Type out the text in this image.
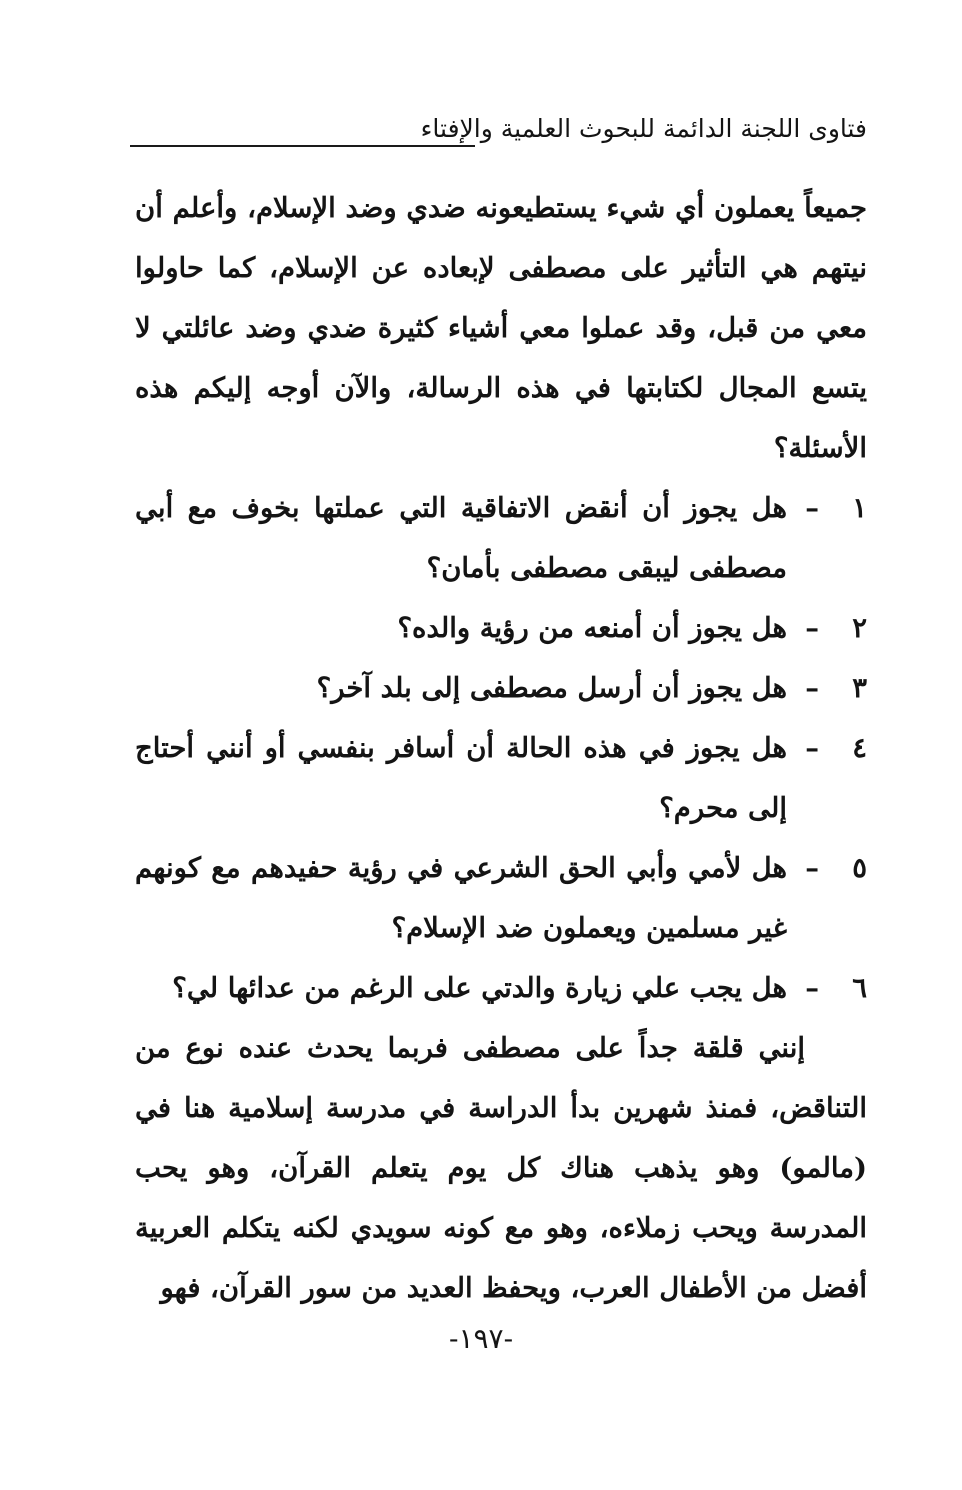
فتاوى اللجنة الدائمة للبحوث العلمية والإفتاء

جميعاً يعملون أي شيء يستطيعونه ضدي وضد الإسلام، وأعلم أن نيتهم هي التأثير على مصطفى لإبعاده عن الإسلام، كما حاولوا معي من قبل، وقد عملوا معي أشياء كثيرة ضدي وضد عائلتي لا يتسع المجال لكتابتها في هذه الرسالة، والآن أوجه إليكم هذه الأسئلة؟

١
–
هل يجوز أن أنقض الاتفاقية التي عملتها بخوف مع أبي مصطفى ليبقى مصطفى بأمان؟
٢
–
هل يجوز أن أمنعه من رؤية والده؟
٣
–
هل يجوز أن أرسل مصطفى إلى بلد آخر؟
٤
–
هل يجوز في هذه الحالة أن أسافر بنفسي أو أنني أحتاج إلى محرم؟
٥
–
هل لأمي وأبي الحق الشرعي في رؤية حفيدهم مع كونهم غير مسلمين ويعملون ضد الإسلام؟
٦
–
هل يجب علي زيارة والدتي على الرغم من عدائها لي؟

إنني قلقة جداً على مصطفى فربما يحدث عنده نوع من التناقض، فمنذ شهرين بدأ الدراسة في مدرسة إسلامية هنا في (مالمو) وهو يذهب هناك كل يوم يتعلم القرآن، وهو يحب المدرسة ويحب زملاءه، وهو مع كونه سويدي لكنه يتكلم العربية أفضل من الأطفال العرب، ويحفظ العديد من سور القرآن، فهو

-١٩٧-
